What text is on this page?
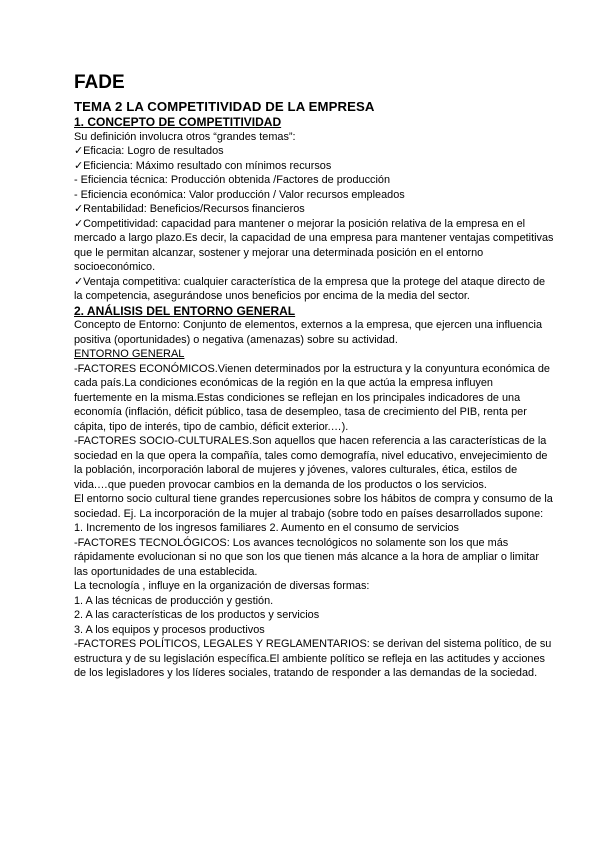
FADE
TEMA 2 LA COMPETITIVIDAD DE LA EMPRESA
1. CONCEPTO DE COMPETITIVIDAD

Su definición involucra otros “grandes temas”:

✓ Eficacia: Logro de resultados

✓ Eficiencia: Máximo resultado con mínimos recursos

- Eficiencia técnica: Producción obtenida /Factores de producción

- Eficiencia económica: Valor producción / Valor recursos empleados

✓ Rentabilidad: Beneficios/Recursos financieros

✓ Competitividad: capacidad para mantener o mejorar la posición relativa de la empresa en el mercado a largo plazo.Es decir, la capacidad de una empresa para mantener ventajas competitivas que le permitan alcanzar, sostener y mejorar una determinada posición en el entorno socioeconómico.

✓ Ventaja competitiva: cualquier característica de la empresa que la protege del ataque directo de la competencia, asegurándose unos beneficios por encima de la media del sector.

2. ANÁLISIS DEL ENTORNO GENERAL

Concepto de Entorno: Conjunto de elementos, externos a la empresa, que ejercen una influencia positiva (oportunidades) o negativa (amenazas) sobre su actividad.

ENTORNO GENERAL

-FACTORES ECONÓMICOS.Vienen determinados por la estructura y la conyuntura económica de cada país.La condiciones económicas de la región en la que actúa la empresa influyen fuertemente en la misma.Estas condiciones se reflejan en los principales indicadores de una economía (inflación, déficit público, tasa de desempleo, tasa de crecimiento del PIB, renta per cápita, tipo de interés, tipo de cambio, déficit exterior.…).

-FACTORES SOCIO-CULTURALES.Son aquellos que hacen referencia a las características de la sociedad en la que opera la compañía, tales como demografía, nivel educativo, envejecimiento de la población, incorporación laboral de mujeres y jóvenes, valores culturales, ética, estilos de vida.…que pueden provocar cambios en la demanda de los productos o los servicios.

El entorno socio cultural tiene grandes repercusiones sobre los hábitos de compra y consumo de la sociedad. Ej. La incorporación de la mujer al trabajo (sobre todo en países desarrollados supone:

1. Incremento de los ingresos familiares 2. Aumento en el consumo de servicios

-FACTORES TECNOLÓGICOS: Los avances tecnológicos no solamente son los que más rápidamente evolucionan si no que son los que tienen más alcance a la hora de ampliar o limitar las oportunidades de una establecida.

La tecnología , influye en la organización de diversas formas:

1. A las técnicas de producción y gestión.

2. A las características de los productos y servicios

3. A los equipos y procesos productivos

-FACTORES POLÍTICOS, LEGALES Y REGLAMENTARIOS: se derivan del sistema político, de su estructura y de su legislación específica.El ambiente político se refleja en las actitudes y acciones de los legisladores y los líderes sociales, tratando de responder a las demandas de la sociedad.
